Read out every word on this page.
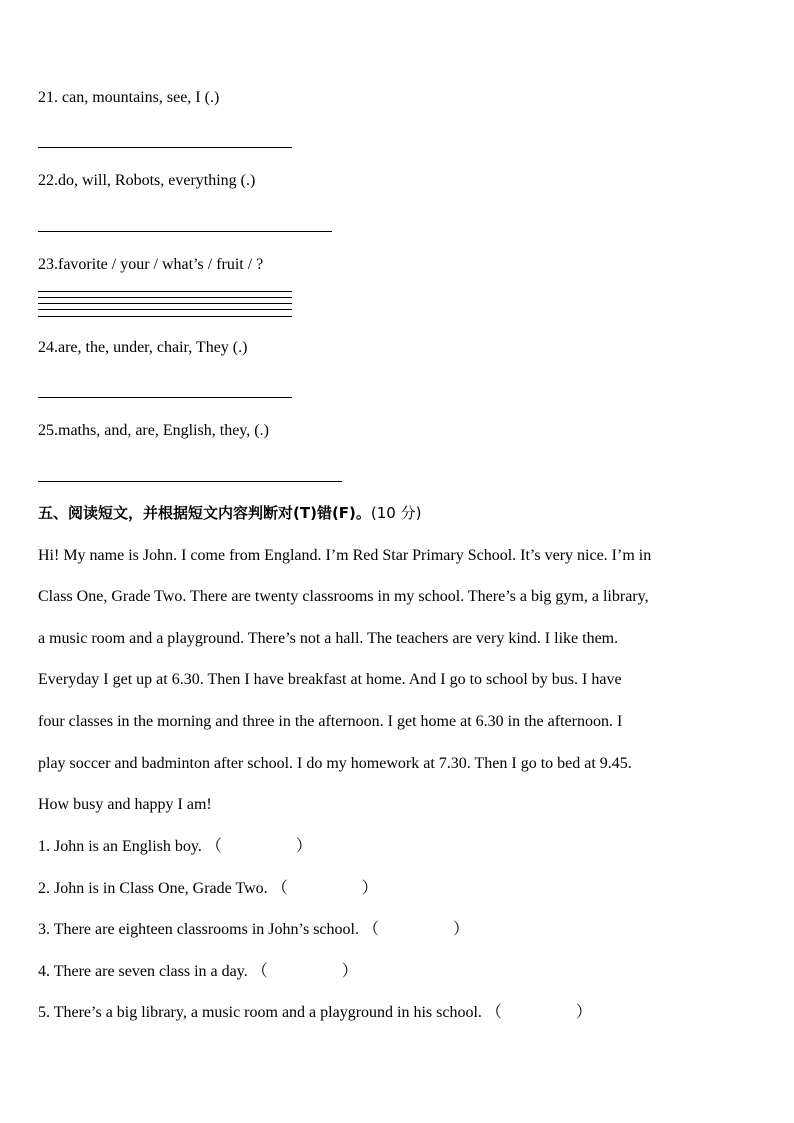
21. can, mountains, see, I (.)
22.do, will, Robots, everything (.)
23.favorite / your / what’s / fruit / ?
24.are, the, under, chair, They (.)
25.maths, and, are, English, they, (.)
五、阅读短文，并根据短文内容判断对(T)错(F)。(10 分)
Hi! My name is John. I come from England. I’m Red Star Primary School. It’s very nice. I’m in
Class One, Grade Two. There are twenty classrooms in my school. There’s a big gym, a library,
a music room and a playground. There’s not a hall. The teachers are very kind. I like them.
Everyday I get up at 6.30. Then I have breakfast at home. And I go to school by bus. I have
four classes in the morning and three in the afternoon. I get home at 6.30 in the afternoon. I
play soccer and badminton after school. I do my homework at 7.30. Then I go to bed at 9.45.
How busy and happy I am!
1. John is an English boy. （	）
2. John is in Class One, Grade Two. （	）
3. There are eighteen classrooms in John’s school. （	）
4. There are seven class in a day. （	）
5. There’s a big library, a music room and a playground in his school. （	）
